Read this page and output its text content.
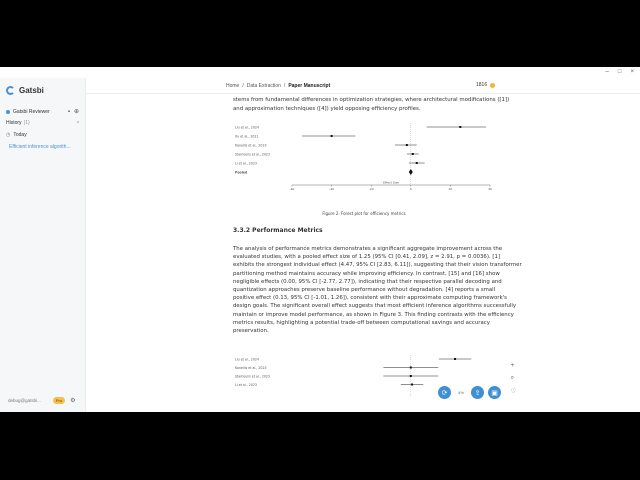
– □ ×
Gatsbi
Gatsbi Reviewer	▪ ⊕
History (1)	▫
◷ Today
Efficient inference algorith...
debug@gatsbi...	Pro	⚙
Home / Data Extraction / Paper Manuscript	1816
stems from fundamental differences in optimization strategies, where architectural modifications ([1])
and approximation techniques ([4]) yield opposing efficiency profiles.
Liu et al., 2024
Xu et al., 2021
Kanellis et al., 2023
Stamoulis et al., 2023
Li et al., 2023
Pooled
-60	-40	-20	0	20	40
Effect Size
Figure 2. Forest plot for efficiency metrics
3.3.2 Performance Metrics
The analysis of performance metrics demonstrates a significant aggregate improvement across the
evaluated studies, with a pooled effect size of 1.25 (95% CI [0.41, 2.09], z = 2.91, p = 0.0036). [1]
exhibits the strongest individual effect (4.47, 95% CI [2.83, 6.11]), suggesting that their vision transformer
partitioning method maintains accuracy while improving efficiency. In contrast, [15] and [16] show
negligible effects (0.00, 95% CI [-2.77, 2.77]), indicating that their respective parallel decoding and
quantization approaches preserve baseline performance without degradation. [4] reports a small
positive effect (0.13, 95% CI [-1.01, 1.26]), consistent with their approximate computing framework's
design goals. The significant overall effect suggests that most efficient inference algorithms successfully
maintain or improve model performance, as shown in Figure 3. This finding contrasts with the efficiency
metrics results, highlighting a potential trade-off between computational savings and accuracy
preservation.
Liu et al., 2024
Kanellis et al., 2023
Stamoulis et al., 2023
Li et al., 2023
+
⌕
♡
⟳	4%	⇪	▣
